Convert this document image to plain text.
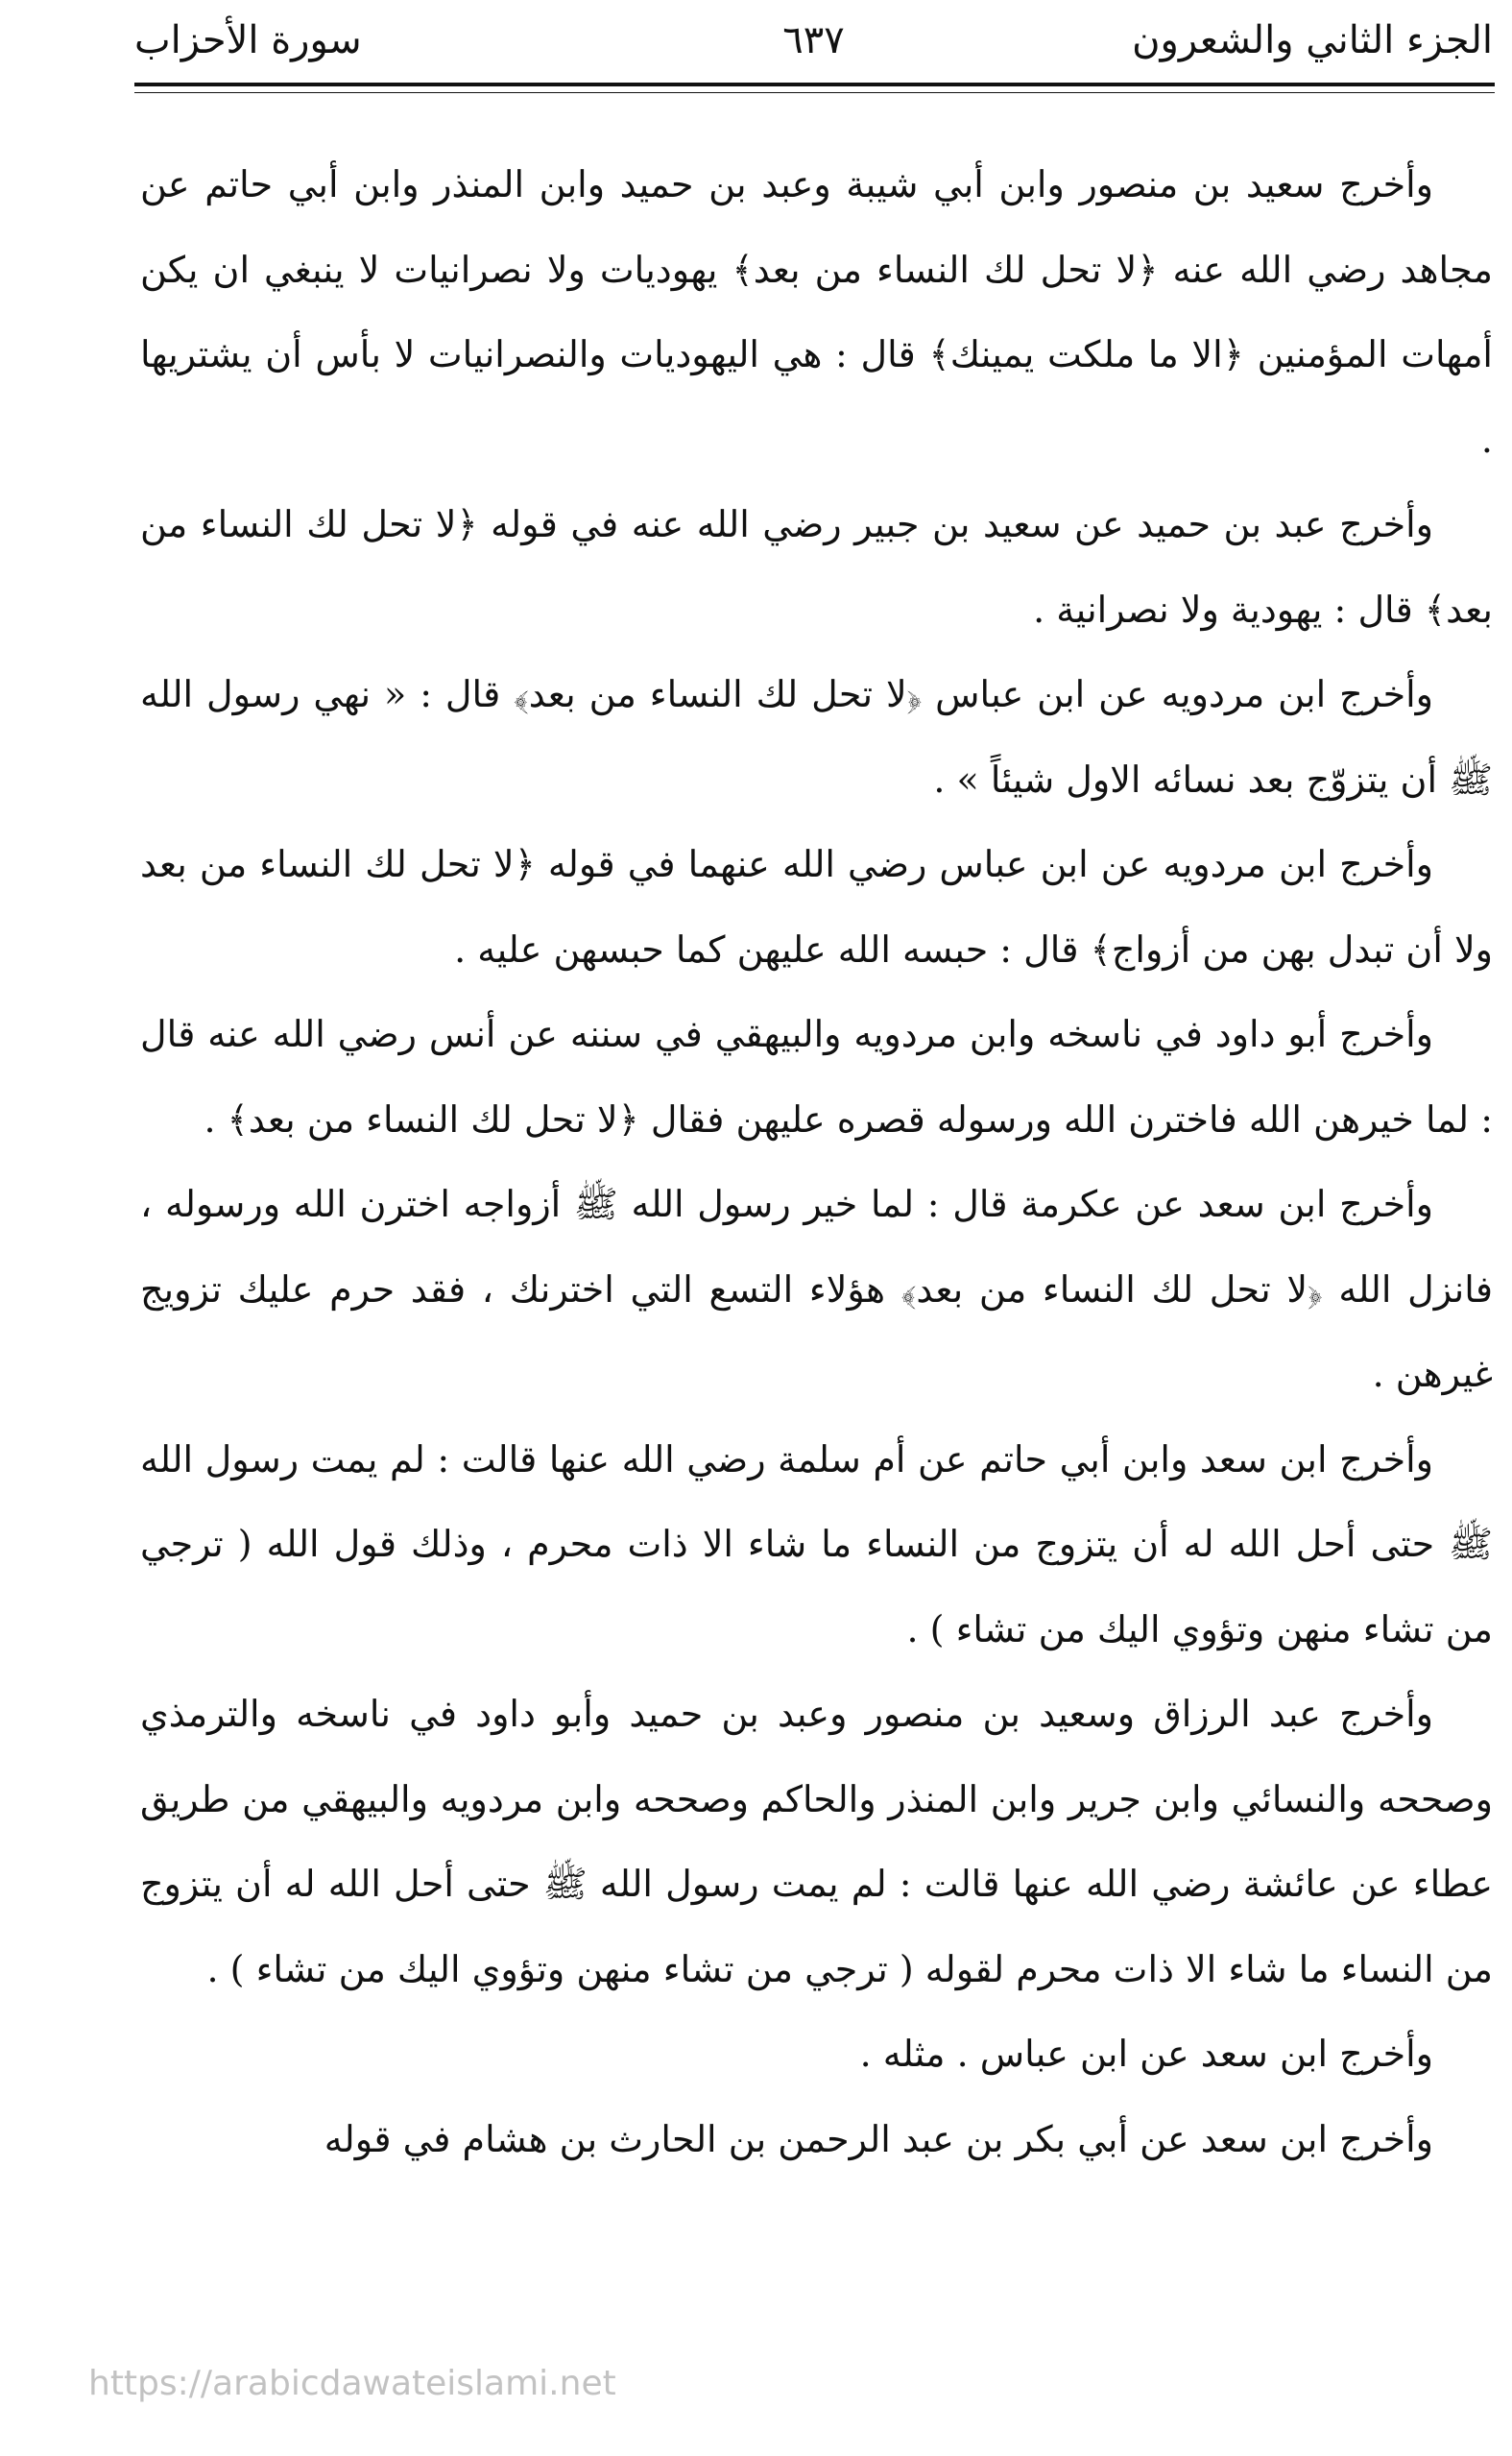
الجزء الثاني والشعرون
٦٣٧
سورة الأحزاب

وأخرج سعيد بن منصور وابن أبي شيبة وعبد بن حميد وابن المنذر وابن أبي حاتم عن مجاهد رضي الله عنه ﴿لا تحل لك النساء من بعد﴾ يهوديات ولا نصرانيات لا ينبغي ان يكن أمهات المؤمنين ﴿الا ما ملكت يمينك﴾ قال : هي اليهوديات والنصرانيات لا بأس أن يشتريها .

وأخرج عبد بن حميد عن سعيد بن جبير رضي الله عنه في قوله ﴿لا تحل لك النساء من بعد﴾ قال : يهودية ولا نصرانية .

وأخرج ابن مردويه عن ابن عباس ﴿لا تحل لك النساء من بعد﴾ قال : « نهي رسول الله ﷺ أن يتزوّج بعد نسائه الاول شيئاً » .

وأخرج ابن مردويه عن ابن عباس رضي الله عنهما في قوله ﴿لا تحل لك النساء من بعد ولا أن تبدل بهن من أزواج﴾ قال : حبسه الله عليهن كما حبسهن عليه .

وأخرج أبو داود في ناسخه وابن مردويه والبيهقي في سننه عن أنس رضي الله عنه قال : لما خيرهن الله فاخترن الله ورسوله قصره عليهن فقال ﴿لا تحل لك النساء من بعد﴾ .

وأخرج ابن سعد عن عكرمة قال : لما خير رسول الله ﷺ أزواجه اخترن الله ورسوله ، فانزل الله ﴿لا تحل لك النساء من بعد﴾ هؤلاء التسع التي اخترنك ، فقد حرم عليك تزويج غيرهن .

وأخرج ابن سعد وابن أبي حاتم عن أم سلمة رضي الله عنها قالت : لم يمت رسول الله ﷺ حتى أحل الله له أن يتزوج من النساء ما شاء الا ذات محرم ، وذلك قول الله ( ترجي من تشاء منهن وتؤوي اليك من تشاء ) .

وأخرج عبد الرزاق وسعيد بن منصور وعبد بن حميد وأبو داود في ناسخه والترمذي وصححه والنسائي وابن جرير وابن المنذر والحاكم وصححه وابن مردويه والبيهقي من طريق عطاء عن عائشة رضي الله عنها قالت : لم يمت رسول الله ﷺ حتى أحل الله له أن يتزوج من النساء ما شاء الا ذات محرم لقوله ( ترجي من تشاء منهن وتؤوي اليك من تشاء ) .

وأخرج ابن سعد عن ابن عباس . مثله .

وأخرج ابن سعد عن أبي بكر بن عبد الرحمن بن الحارث بن هشام في قوله

https://arabicdawateislami.net
